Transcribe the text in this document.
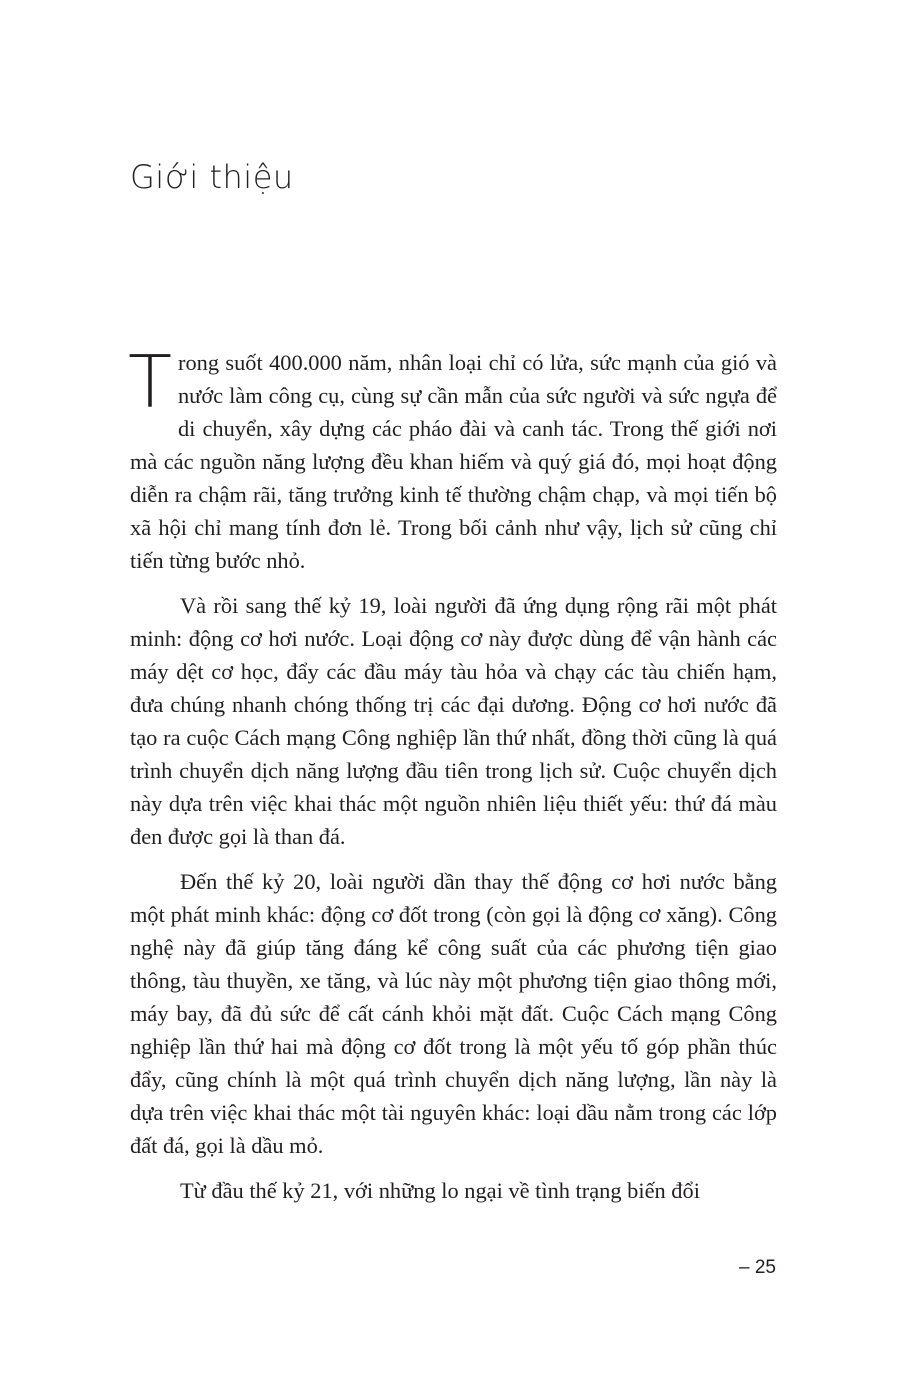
Giới thiệu

Trong suốt 400.000 năm, nhân loại chỉ có lửa, sức mạnh của gió và nước làm công cụ, cùng sự cần mẫn của sức người và sức ngựa để di chuyển, xây dựng các pháo đài và canh tác. Trong thế giới nơi mà các nguồn năng lượng đều khan hiếm và quý giá đó, mọi hoạt động diễn ra chậm rãi, tăng trưởng kinh tế thường chậm chạp, và mọi tiến bộ xã hội chỉ mang tính đơn lẻ. Trong bối cảnh như vậy, lịch sử cũng chỉ tiến từng bước nhỏ.

Và rồi sang thế kỷ 19, loài người đã ứng dụng rộng rãi một phát minh: động cơ hơi nước. Loại động cơ này được dùng để vận hành các máy dệt cơ học, đẩy các đầu máy tàu hỏa và chạy các tàu chiến hạm, đưa chúng nhanh chóng thống trị các đại dương. Động cơ hơi nước đã tạo ra cuộc Cách mạng Công nghiệp lần thứ nhất, đồng thời cũng là quá trình chuyển dịch năng lượng đầu tiên trong lịch sử. Cuộc chuyển dịch này dựa trên việc khai thác một nguồn nhiên liệu thiết yếu: thứ đá màu đen được gọi là than đá.

Đến thế kỷ 20, loài người dần thay thế động cơ hơi nước bằng một phát minh khác: động cơ đốt trong (còn gọi là động cơ xăng). Công nghệ này đã giúp tăng đáng kể công suất của các phương tiện giao thông, tàu thuyền, xe tăng, và lúc này một phương tiện giao thông mới, máy bay, đã đủ sức để cất cánh khỏi mặt đất. Cuộc Cách mạng Công nghiệp lần thứ hai mà động cơ đốt trong là một yếu tố góp phần thúc đẩy, cũng chính là một quá trình chuyển dịch năng lượng, lần này là dựa trên việc khai thác một tài nguyên khác: loại dầu nằm trong các lớp đất đá, gọi là dầu mỏ.

Từ đầu thế kỷ 21, với những lo ngại về tình trạng biến đổi

– 25
